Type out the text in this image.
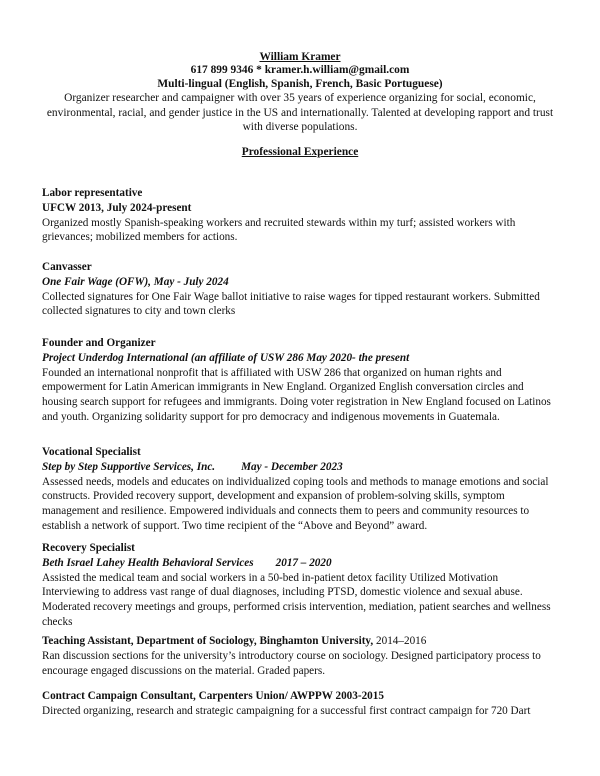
William Kramer
617 899 9346 * kramer.h.william@gmail.com
Multi-lingual (English, Spanish, French, Basic Portuguese)
Organizer researcher and campaigner with over 35 years of experience organizing for social, economic, environmental, racial, and gender justice in the US and internationally. Talented at developing rapport and trust with diverse populations.
Professional Experience
Labor representative
UFCW 2013, July 2024-present
Organized mostly Spanish-speaking workers and recruited stewards within my turf; assisted workers with grievances; mobilized members for actions.
Canvasser
One Fair Wage (OFW), May - July 2024
Collected signatures for One Fair Wage ballot initiative to raise wages for tipped restaurant workers. Submitted collected signatures to city and town clerks
Founder and Organizer
Project Underdog International (an affiliate of USW 286 May 2020- the present
Founded an international nonprofit that is affiliated with USW 286 that organized on human rights and empowerment for Latin American immigrants in New England. Organized English conversation circles and housing search support for refugees and immigrants. Doing voter registration in New England focused on Latinos and youth. Organizing solidarity support for pro democracy and indigenous movements in Guatemala.
Vocational Specialist
Step by Step Supportive Services, Inc. May - December 2023
Assessed needs, models and educates on individualized coping tools and methods to manage emotions and social constructs. Provided recovery support, development and expansion of problem-solving skills, symptom management and resilience. Empowered individuals and connects them to peers and community resources to establish a network of support. Two time recipient of the “Above and Beyond” award.
Recovery Specialist
Beth Israel Lahey Health Behavioral Services 2017 – 2020
Assisted the medical team and social workers in a 50-bed in-patient detox facility Utilized Motivation Interviewing to address vast range of dual diagnoses, including PTSD, domestic violence and sexual abuse. Moderated recovery meetings and groups, performed crisis intervention, mediation, patient searches and wellness checks
Teaching Assistant, Department of Sociology, Binghamton University, 2014–2016
Ran discussion sections for the university’s introductory course on sociology. Designed participatory process to encourage engaged discussions on the material. Graded papers.
Contract Campaign Consultant, Carpenters Union/ AWPPW 2003-2015
Directed organizing, research and strategic campaigning for a successful first contract campaign for 720 Dart
